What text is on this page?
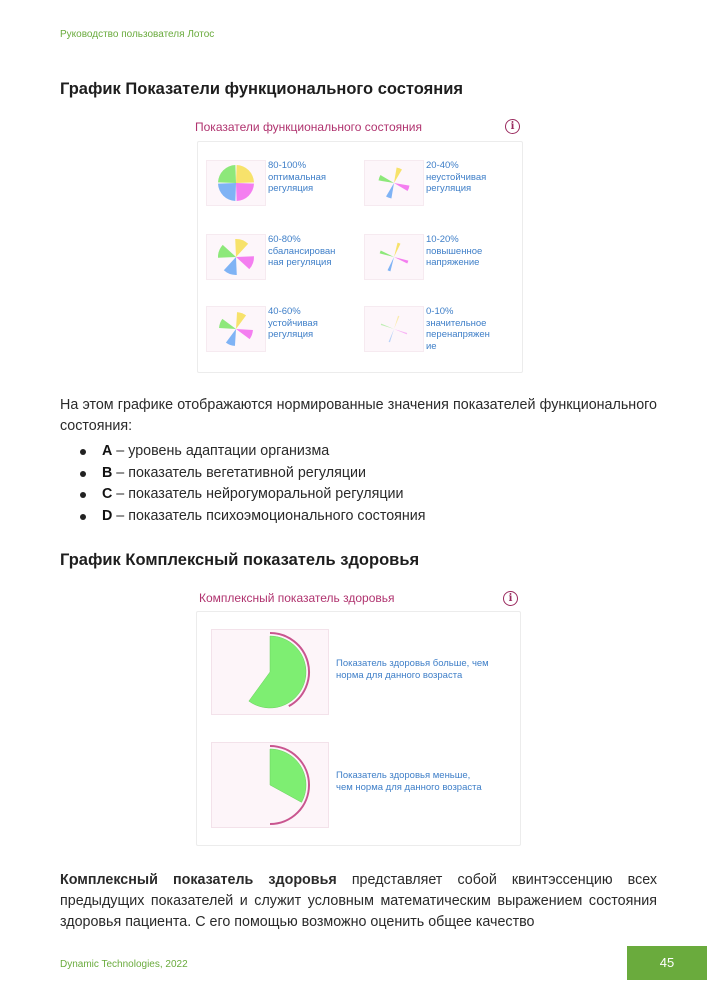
Руководство пользователя Лотос
График Показатели функционального состояния
Показатели функционального состояния	i
80-100%
оптимальная
регуляция
20-40%
неустойчивая
регуляция
60-80%
сбалансирован
ная регуляция
10-20%
повышенное
напряжение
40-60%
устойчивая
регуляция
0-10%
значительное
перенапряжен
ие
На этом графике отображаются нормированные значения показателей функционального состояния:
A – уровень адаптации организма
B – показатель вегетативной регуляции
C – показатель нейрогуморальной регуляции
D – показатель психоэмоционального состояния
График Комплексный показатель здоровья
Комплексный показатель здоровья	i
Показатель здоровья больше, чем
норма для данного возраста
Показатель здоровья меньше,
чем норма для данного возраста
Комплексный показатель здоровья представляет собой квинтэссенцию всех предыдущих показателей и служит условным математическим выражением состояния здоровья пациента. С его помощью возможно оценить общее качество
Dynamic Technologies, 2022	45
